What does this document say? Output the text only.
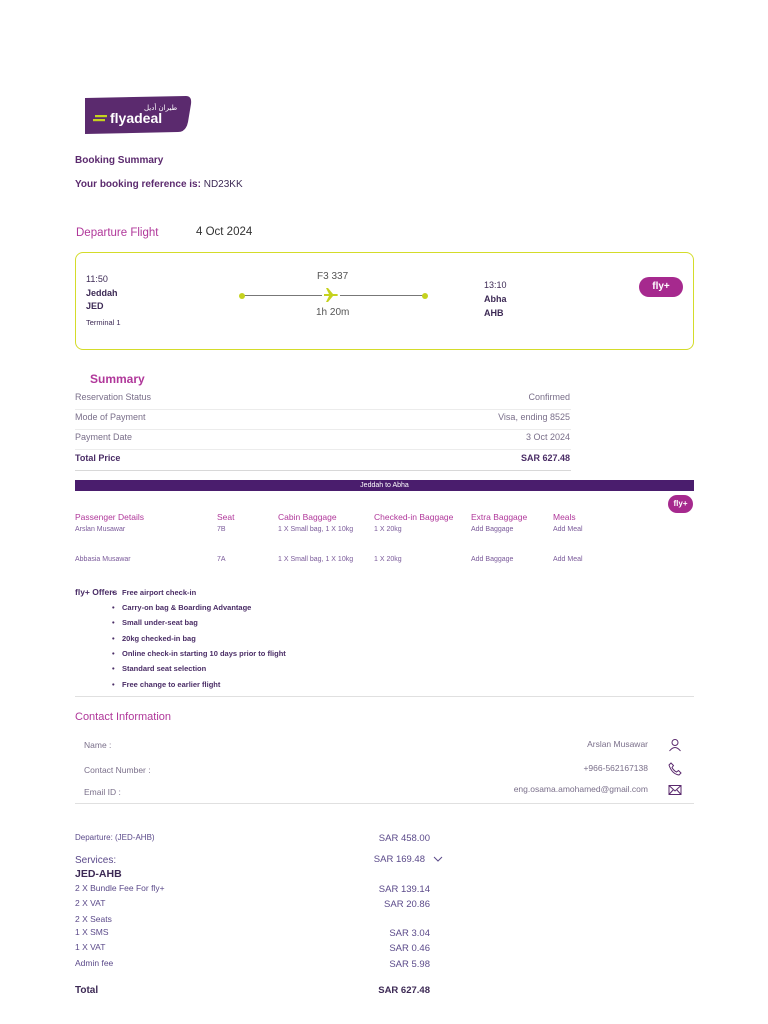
flyadeal
طيران أديل
Booking Summary
Your booking reference is: ND23KK
Departure Flight	4 Oct 2024
11:50
Jeddah
JED
Terminal 1
F3 337
1h 20m
13:10
Abha
AHB
fly+
Summary
Reservation Status	Confirmed
Mode of Payment	Visa, ending 8525
Payment Date	3 Oct 2024
Total Price	SAR 627.48
Jeddah to Abha
fly+
Passenger Details	Seat	Cabin Baggage	Checked-in Baggage Extra Baggage	Meals
Arslan Musawar	7B	1 X Small bag, 1 X 10kg	1 X 20kg	Add Baggage	Add Meal
Abbasia Musawar	7A	1 X Small bag, 1 X 10kg	1 X 20kg	Add Baggage	Add Meal
fly+ Offers
• Free airport check-in
• Carry-on bag & Boarding Advantage
• Small under-seat bag
• 20kg checked-in bag
• Online check-in starting 10 days prior to flight
• Standard seat selection
• Free change to earlier flight
Contact Information
Name :	Arslan Musawar
Contact Number :	+966-562167138
Email ID :	eng.osama.amohamed@gmail.com
Departure: (JED-AHB)	SAR 458.00
Services:	SAR 169.48
JED-AHB
2 X Bundle Fee For fly+	SAR 139.14
2 X VAT	SAR 20.86
2 X Seats
1 X SMS	SAR 3.04
1 X VAT	SAR 0.46
Admin fee	SAR 5.98
Total	SAR 627.48
